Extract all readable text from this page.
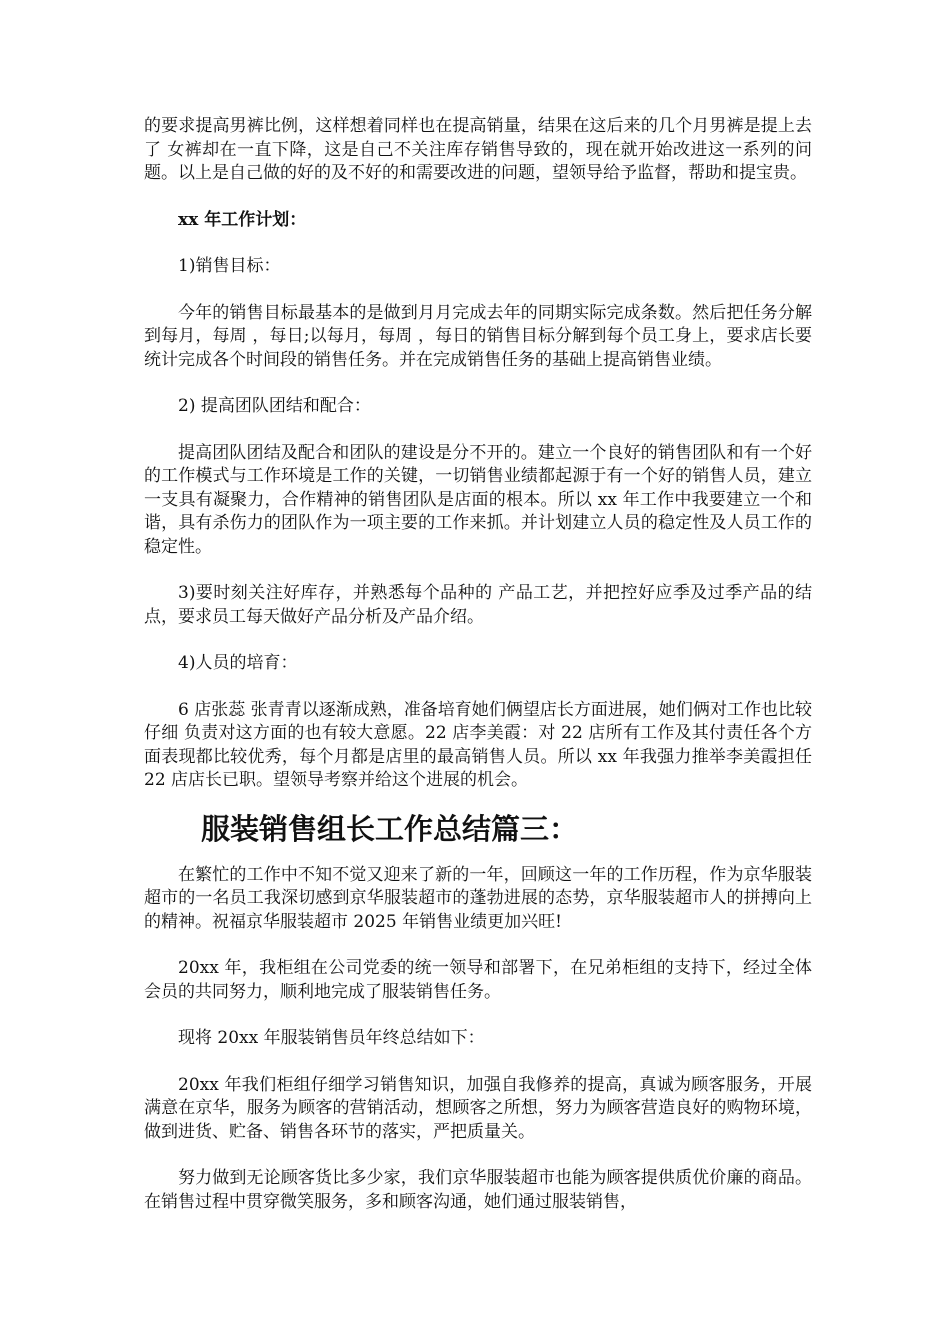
的要求提高男裤比例，这样想着同样也在提高销量，结果在这后来的几个月男裤是提上去了 女裤却在一直下降，这是自己不关注库存销售导致的，现在就开始改进这一系列的问题。以上是自己做的好的及不好的和需要改进的问题，望领导给予监督，帮助和提宝贵。

xx 年工作计划：

1)销售目标：

今年的销售目标最基本的是做到月月完成去年的同期实际完成条数。然后把任务分解到每月，每周 ，每日;以每月，每周 ，每日的销售目标分解到每个员工身上，要求店长要统计完成各个时间段的销售任务。并在完成销售任务的基础上提高销售业绩。

2) 提高团队团结和配合：

提高团队团结及配合和团队的建设是分不开的。建立一个良好的销售团队和有一个好的工作模式与工作环境是工作的关键，一切销售业绩都起源于有一个好的销售人员，建立一支具有凝聚力，合作精神的销售团队是店面的根本。所以 xx 年工作中我要建立一个和谐，具有杀伤力的团队作为一项主要的工作来抓。并计划建立人员的稳定性及人员工作的稳定性。

3)要时刻关注好库存，并熟悉每个品种的 产品工艺，并把控好应季及过季产品的结点，要求员工每天做好产品分析及产品介绍。

4)人员的培育：

6 店张蕊 张青青以逐渐成熟，准备培育她们俩望店长方面进展，她们俩对工作也比较仔细 负责对这方面的也有较大意愿。22 店李美霞：对 22 店所有工作及其付责任各个方面表现都比较优秀，每个月都是店里的最高销售人员。所以 xx 年我强力推举李美霞担任 22 店店长已职。望领导考察并给这个进展的机会。

服装销售组长工作总结篇三：

在繁忙的工作中不知不觉又迎来了新的一年，回顾这一年的工作历程，作为京华服装超市的一名员工我深切感到京华服装超市的蓬勃进展的态势，京华服装超市人的拼搏向上的精神。祝福京华服装超市 2025 年销售业绩更加兴旺!

20xx 年，我柜组在公司党委的统一领导和部署下，在兄弟柜组的支持下，经过全体会员的共同努力，顺利地完成了服装销售任务。

现将 20xx 年服装销售员年终总结如下：

20xx 年我们柜组仔细学习销售知识，加强自我修养的提高，真诚为顾客服务，开展满意在京华，服务为顾客的营销活动，想顾客之所想，努力为顾客营造良好的购物环境，做到进货、贮备、销售各环节的落实，严把质量关。

努力做到无论顾客货比多少家，我们京华服装超市也能为顾客提供质优价廉的商品。在销售过程中贯穿微笑服务，多和顾客沟通，她们通过服装销售，
